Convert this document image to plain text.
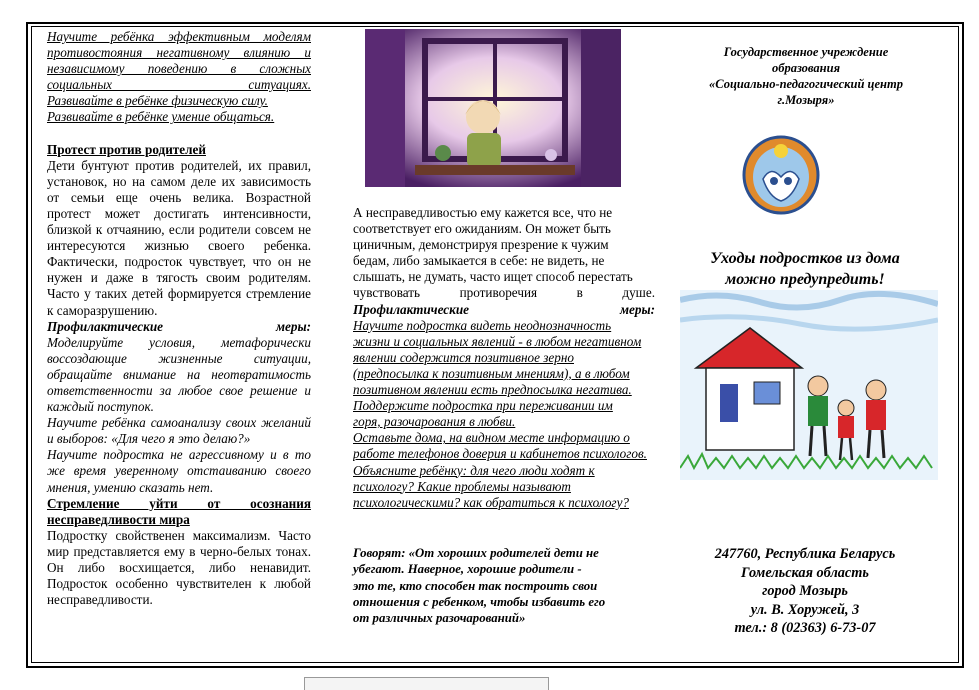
Научите ребёнка эффективным моделям
противостояния негативному влиянию и
независимому поведению в сложных
социальных ситуациях.
Развивайте в ребёнке физическую силу.
Развивайте в ребёнке умение общаться.
Протест против родителей

Дети бунтуют против родителей, их правил, установок, но на самом деле их зависимость от семьи еще очень велика. Возрастной протест может достигать интенсивности, близкой к отчаянию, если родители совсем не интересуются жизнью своего ребенка. Фактически, подросток чувствует, что он не нужен и даже в тягость своим родителям. Часто у таких детей формируется стремление к саморазрушению.

Профилактические меры:

Моделируйте условия, метафорически воссоздающие жизненные ситуации, обращайте внимание на неотвратимость ответственности за любое свое решение и каждый поступок.

Научите ребёнка самоанализу своих желаний и выборов: «Для чего я это делаю?»

Научите подростка не агрессивному и в то же время уверенному отстаиванию своего мнения, умению сказать нет.

Стремление уйти от осознания несправедливости мира

Подростку свойственен максимализм. Часто мир представляется ему в черно-белых тонах. Он либо восхищается, либо ненавидит. Подросток особенно чувствителен к любой несправедливости.

А несправедливостью ему кажется все, что не
соответствует его ожиданиям. Он может быть
циничным, демонстрируя презрение к чужим
бедам, либо замыкается в себе: не видеть, не
слышать, не думать, часто ищет способ перестать
чувствовать противоречия в душе.
Профилактические меры:
Научите подростка видеть неоднозначность
жизни и социальных явлений - в любом негативном
явлении содержится позитивное зерно
(предпосылка к позитивным мнениям), а в любом
позитивном явлении есть предпосылка негатива.
Поддержите подростка при переживании им
горя, разочарования в любви.
Оставьте дома, на видном месте информацию о
работе телефонов доверия и кабинетов психологов.
Объясните ребёнку: для чего люди ходят к
психологу? Какие проблемы называют
психологическими? как обратиться к психологу?
Говорят: «От хороших родителей дети не
убегают. Наверное, хорошие родители -
это те, кто способен так построить свои
отношения с ребенком, чтобы избавить его
от различных разочарований»
Государственное учреждение
образования
«Социально-педагогический центр
г.Мозыря»
Уходы подростков из дома
можно предупредить!
247760, Республика Беларусь
Гомельская область
город Мозырь
ул. В. Хоружей, 3
тел.: 8 (02363) 6-73-07
